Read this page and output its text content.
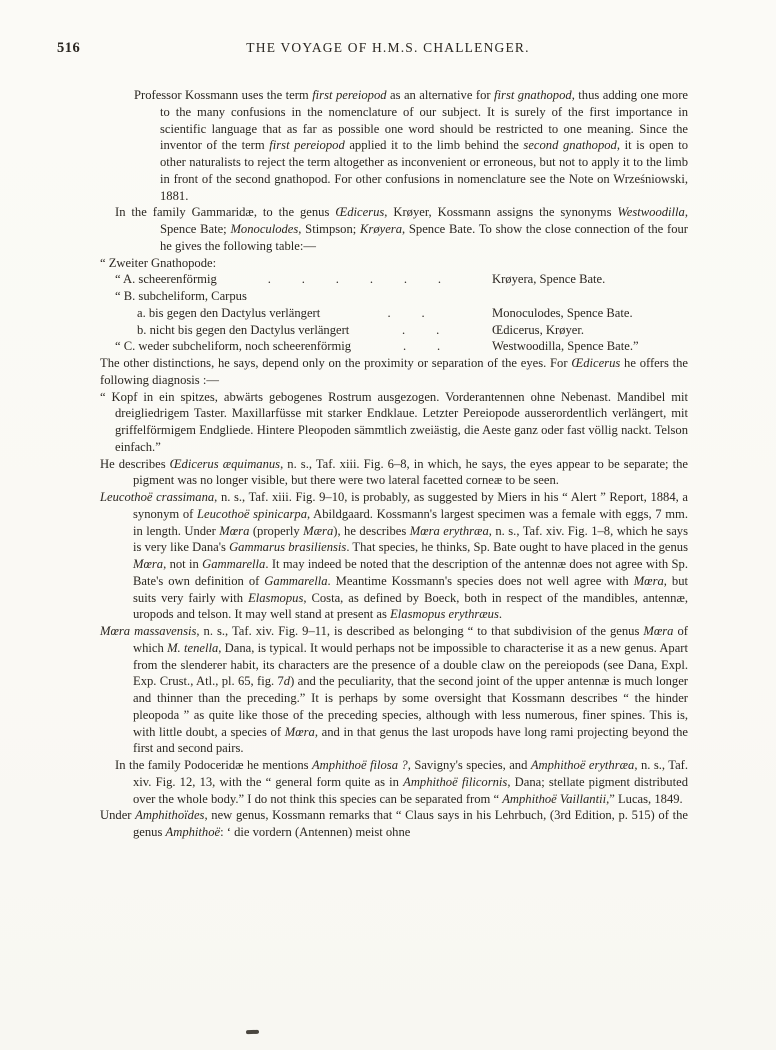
516	THE VOYAGE OF H.M.S. CHALLENGER.

Professor Kossmann uses the term first pereiopod as an alternative for first gnathopod, thus adding one more to the many confusions in the nomenclature of our subject. It is surely of the first importance in scientific language that as far as possible one word should be restricted to one meaning. Since the inventor of the term first pereiopod applied it to the limb behind the second gnathopod, it is open to other naturalists to reject the term altogether as inconvenient or erroneous, but not to apply it to the limb in front of the second gnathopod. For other confusions in nomenclature see the Note on Wrześniowski, 1881.

In the family Gammaridæ, to the genus Œdicerus, Krøyer, Kossmann assigns the synonyms Westwoodilla, Spence Bate; Monoculodes, Stimpson; Krøyera, Spence Bate. To show the close connection of the four he gives the following table:—

“ Zweiter Gnathopode:
“ A. scheerenförmig	. . . . . .	Krøyera, Spence Bate.
“ B. subcheliform, Carpus
a. bis gegen den Dactylus verlängert	. .	Monoculodes, Spence Bate.
b. nicht bis gegen den Dactylus verlängert	. .	Œdicerus, Krøyer.
“ C. weder subcheliform, noch scheerenförmig	. .	Westwoodilla, Spence Bate.”

The other distinctions, he says, depend only on the proximity or separation of the eyes. For Œdicerus he offers the following diagnosis :—

“ Kopf in ein spitzes, abwärts gebogenes Rostrum ausgezogen. Vorderantennen ohne Nebenast. Mandibel mit dreigliedrigem Taster. Maxillarfüsse mit starker Endklaue. Letzter Pereiopode ausserordentlich verlängert, mit griffelförmigem Endgliede. Hintere Pleopoden sämmtlich zweiästig, die Aeste ganz oder fast völlig nackt. Telson einfach.”

He describes Œdicerus æquimanus, n. s., Taf. xiii. Fig. 6–8, in which, he says, the eyes appear to be separate; the pigment was no longer visible, but there were two lateral facetted corneæ to be seen.

Leucothoë crassimana, n. s., Taf. xiii. Fig. 9–10, is probably, as suggested by Miers in his “ Alert ” Report, 1884, a synonym of Leucothoë spinicarpa, Abildgaard. Kossmann's largest specimen was a female with eggs, 7 mm. in length. Under Mœra (properly Mæra), he describes Mœra erythræa, n. s., Taf. xiv. Fig. 1–8, which he says is very like Dana's Gammarus brasiliensis. That species, he thinks, Sp. Bate ought to have placed in the genus Mœra, not in Gammarella. It may indeed be noted that the description of the antennæ does not agree with Sp. Bate's own definition of Gammarella. Meantime Kossmann's species does not well agree with Mœra, but suits very fairly with Elasmopus, Costa, as defined by Boeck, both in respect of the mandibles, antennæ, uropods and telson. It may well stand at present as Elasmopus erythræus.

Mœra massavensis, n. s., Taf. xiv. Fig. 9–11, is described as belonging “ to that subdivision of the genus Mœra of which M. tenella, Dana, is typical. It would perhaps not be impossible to characterise it as a new genus. Apart from the slenderer habit, its characters are the presence of a double claw on the pereiopods (see Dana, Expl. Exp. Crust., Atl., pl. 65, fig. 7d) and the peculiarity, that the second joint of the upper antennæ is much longer and thinner than the preceding.” It is perhaps by some oversight that Kossmann describes “ the hinder pleopoda ” as quite like those of the preceding species, although with less numerous, finer spines. This is, with little doubt, a species of Mœra, and in that genus the last uropods have long rami projecting beyond the first and second pairs.

In the family Podoceridæ he mentions Amphithoë filosa ?, Savigny's species, and Amphithoë erythræa, n. s., Taf. xiv. Fig. 12, 13, with the “ general form quite as in Amphithoë filicornis, Dana; stellate pigment distributed over the whole body.” I do not think this species can be separated from “ Amphithoë Vaillantii,” Lucas, 1849.

Under Amphithoïdes, new genus, Kossmann remarks that “ Claus says in his Lehrbuch, (3rd Edition, p. 515) of the genus Amphithoë: ‘ die vordern (Antennen) meist ohne
